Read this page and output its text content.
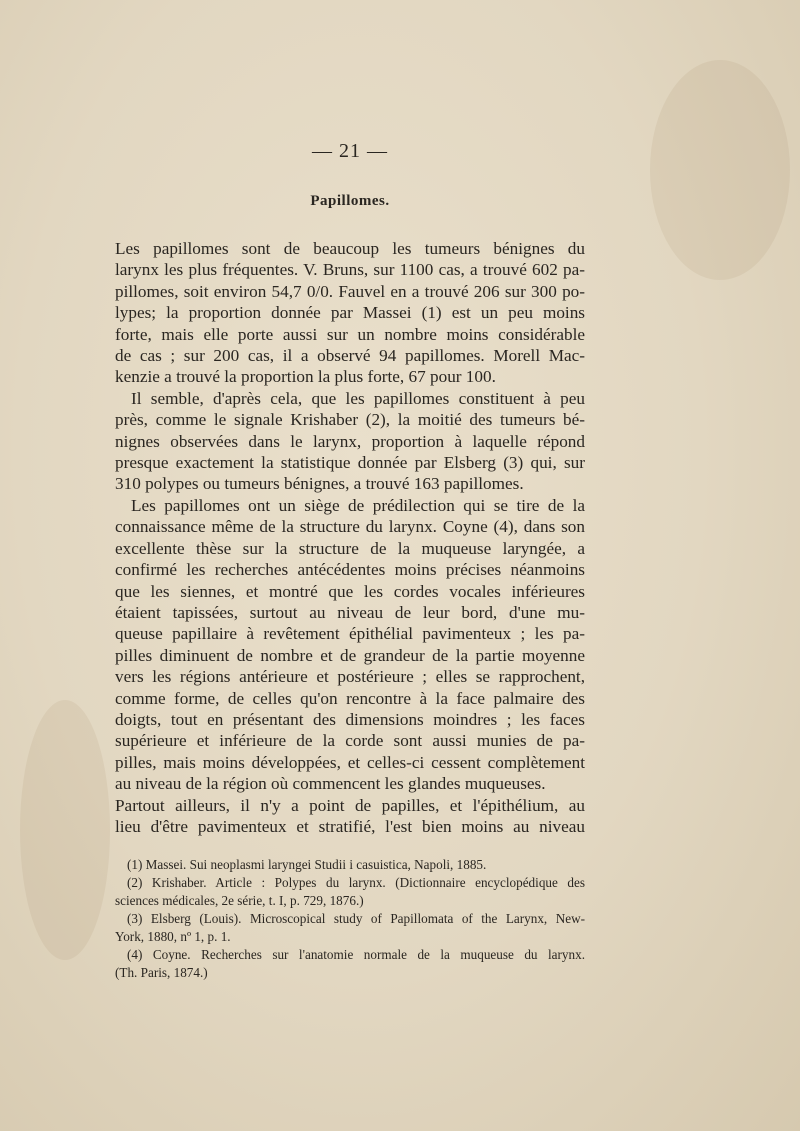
— 21 —
Papillomes.
Les papillomes sont de beaucoup les tumeurs bénignes du
larynx les plus fréquentes. V. Bruns, sur 1100 cas, a trouvé 602 pa-
pillomes, soit environ 54,7 0/0. Fauvel en a trouvé 206 sur 300 po-
lypes; la proportion donnée par Massei (1) est un peu moins
forte, mais elle porte aussi sur un nombre moins considérable
de cas ; sur 200 cas, il a observé 94 papillomes. Morell Mac-
kenzie a trouvé la proportion la plus forte, 67 pour 100.
Il semble, d'après cela, que les papillomes constituent à peu
près, comme le signale Krishaber (2), la moitié des tumeurs bé-
nignes observées dans le larynx, proportion à laquelle répond
presque exactement la statistique donnée par Elsberg (3) qui, sur
310 polypes ou tumeurs bénignes, a trouvé 163 papillomes.
Les papillomes ont un siège de prédilection qui se tire de la
connaissance même de la structure du larynx. Coyne (4), dans son
excellente thèse sur la structure de la muqueuse laryngée, a
confirmé les recherches antécédentes moins précises néanmoins
que les siennes, et montré que les cordes vocales inférieures
étaient tapissées, surtout au niveau de leur bord, d'une mu-
queuse papillaire à revêtement épithélial pavimenteux ; les pa-
pilles diminuent de nombre et de grandeur de la partie moyenne
vers les régions antérieure et postérieure ; elles se rapprochent,
comme forme, de celles qu'on rencontre à la face palmaire des
doigts, tout en présentant des dimensions moindres ; les faces
supérieure et inférieure de la corde sont aussi munies de pa-
pilles, mais moins développées, et celles-ci cessent complètement
au niveau de la région où commencent les glandes muqueuses.
Partout ailleurs, il n'y a point de papilles, et l'épithélium, au
lieu d'être pavimenteux et stratifié, l'est bien moins au niveau
(1) Massei. Sui neoplasmi laryngei Studii i casuistica, Napoli, 1885.
(2) Krishaber. Article : Polypes du larynx. (Dictionnaire encyclopédique des
sciences médicales, 2e série, t. I, p. 729, 1876.)
(3) Elsberg (Louis). Microscopical study of Papillomata of the Larynx, New-
York, 1880, nº 1, p. 1.
(4) Coyne. Recherches sur l'anatomie normale de la muqueuse du larynx.
(Th. Paris, 1874.)
